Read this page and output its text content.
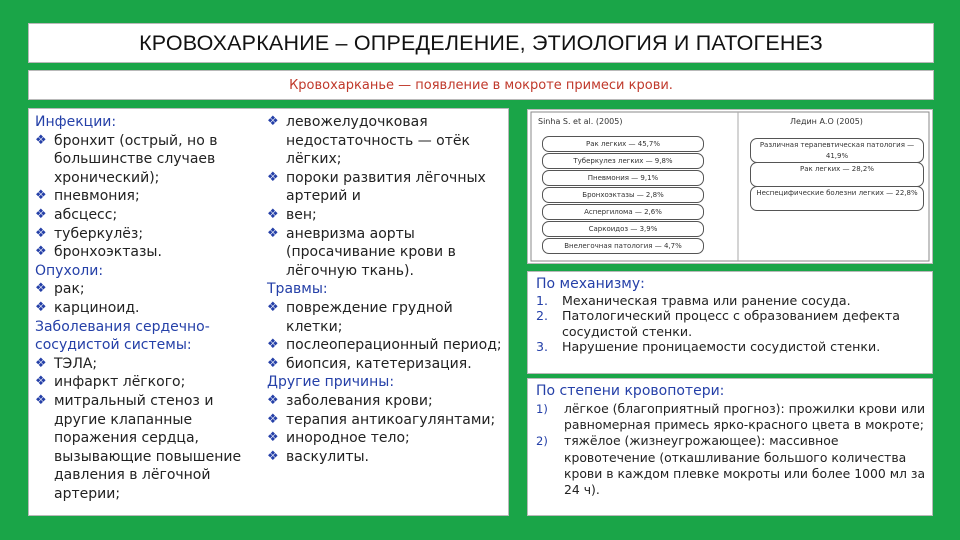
КРОВОХАРКАНИЕ – ОПРЕДЕЛЕНИЕ, ЭТИОЛОГИЯ И ПАТОГЕНЕЗ
Кровохарканье — появление в мокроте примеси крови.
Инфекции:
❖ бронхит (острый, но в большинстве случаев хронический);
❖ пневмония;
❖ абсцесс;
❖ туберкулёз;
❖ бронхоэктазы.
Опухоли:
❖ рак;
❖ карциноид.
Заболевания сердечно-сосудистой системы:
❖ ТЭЛА;
❖ инфаркт лёгкого;
❖ митральный стеноз и
другие клапанные поражения сердца, вызывающие повышение давления в лёгочной артерии;
❖ левожелудочковая недостаточность — отёк лёгких;
❖ пороки развития лёгочных артерий и
❖ вен;
❖ аневризма аорты (просачивание крови в лёгочную ткань).
Травмы:
❖ повреждение грудной клетки;
❖ послеоперационный период;
❖ биопсия, катетеризация.
Другие причины:
❖ заболевания крови;
❖ терапия антикоагулянтами;
❖ инородное тело;
❖ васкулиты.
Sinha S. et al. (2005)	Ледин А.О (2005)
Рак легких — 45,7%
Туберкулез легких — 9,8%
Пневмония — 9,1%
Бронхоэктазы — 2,8%
Аспергилома — 2,6%
Саркоидоз — 3,9%
Внелегочная патология — 4,7%
Различная терапевтическая патология — 41,9%
Рак легких — 28,2%
Неспецифические болезни легких — 22,8%
По механизму:
1.	Механическая травма или ранение сосуда.
2.	Патологический процесс с образованием дефекта сосудистой стенки.
3.	Нарушение проницаемости сосудистой стенки.
По степени кровопотери:
1)	лёгкое (благоприятный прогноз): прожилки крови или равномерная примесь ярко-красного цвета в мокроте;
2)	тяжёлое (жизнеугрожающее): массивное кровотечение (откашливание большого количества крови в каждом плевке мокроты или более 1000 мл за 24 ч).
